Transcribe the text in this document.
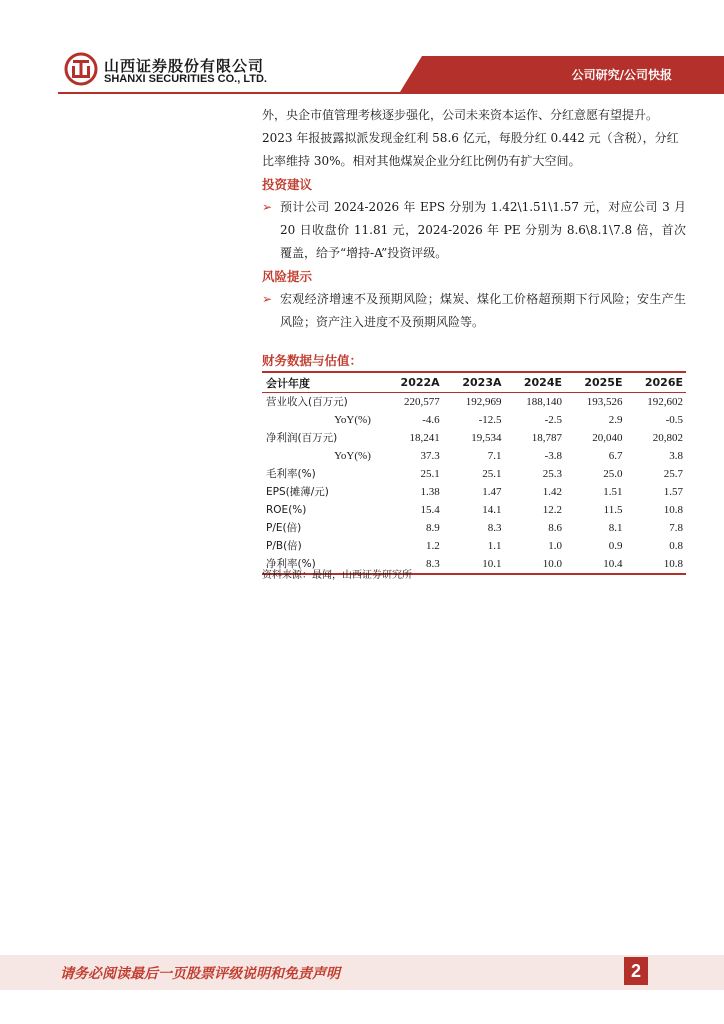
山西证券股份有限公司
SHANXI SECURITIES CO., LTD.	公司研究/公司快报

外，央企市值管理考核逐步强化，公司未来资本运作、分红意愿有望提升。
2023 年报披露拟派发现金红利 58.6 亿元，每股分红 0.442 元（含税），分红
比率维持 30%。相对其他煤炭企业分红比例仍有扩大空间。

投资建议
➢ 预计公司 2024-2026 年 EPS 分别为 1.42\1.51\1.57 元，对应公司 3 月 20 日收盘价 11.81 元，2024-2026 年 PE 分别为 8.6\8.1\7.8 倍，首次覆盖，给予“增持-A”投资评级。
风险提示
➢ 宏观经济增速不及预期风险；煤炭、煤化工价格超预期下行风险；安生产生风险；资产注入进度不及预期风险等。
财务数据与估值：
会计年度	2022A	2023A	2024E	2025E	2026E
营业收入(百万元)	220,577	192,969	188,140	193,526	192,602
YoY(%)	-4.6	-12.5	-2.5	2.9	-0.5
净利润(百万元)	18,241	19,534	18,787	20,040	20,802
YoY(%)	37.3	7.1	-3.8	6.7	3.8
毛利率(%)	25.1	25.1	25.3	25.0	25.7
EPS(摊薄/元)	1.38	1.47	1.42	1.51	1.57
ROE(%)	15.4	14.1	12.2	11.5	10.8
P/E(倍)	8.9	8.3	8.6	8.1	7.8
P/B(倍)	1.2	1.1	1.0	0.9	0.8
净利率(%)	8.3	10.1	10.0	10.4	10.8
资料来源：最闻，山西证券研究所
请务必阅读最后一页股票评级说明和免责声明	2
